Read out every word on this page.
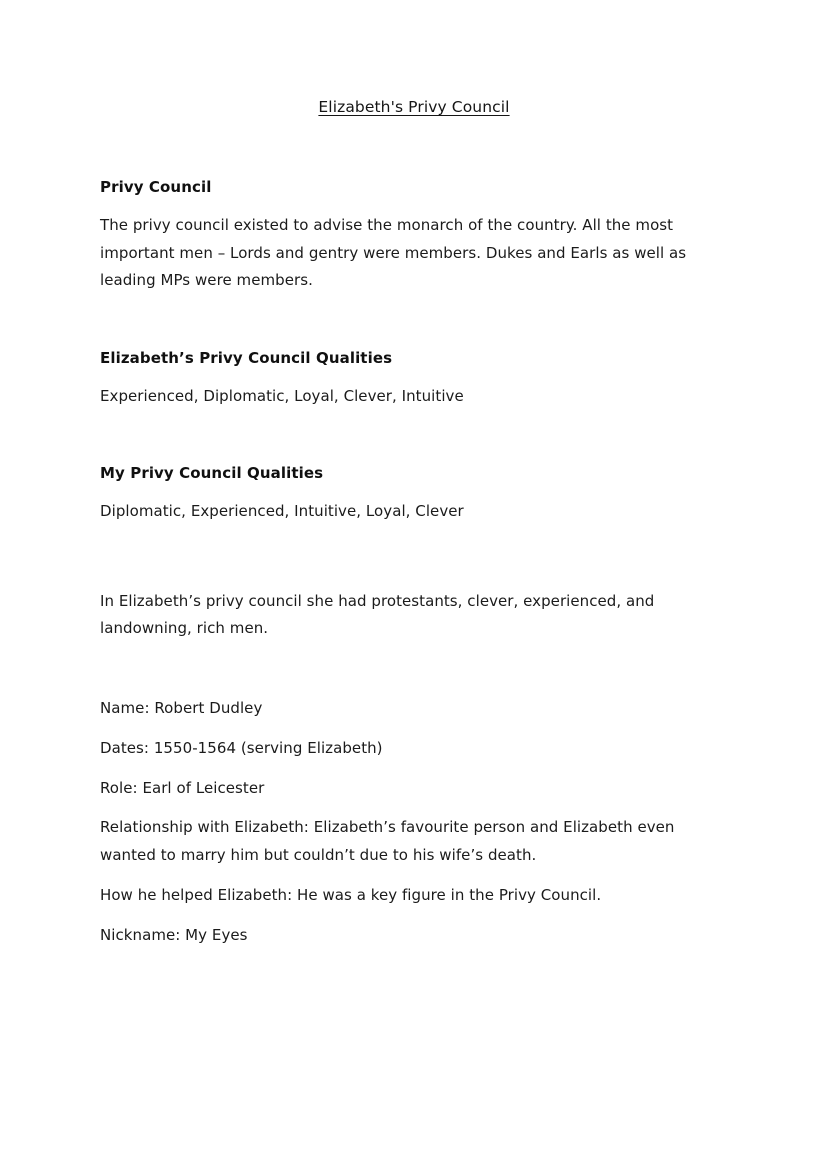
Elizabeth's Privy Council
Privy Council

The privy council existed to advise the monarch of the country. All the most important men – Lords and gentry were members. Dukes and Earls as well as leading MPs were members.

Elizabeth’s Privy Council Qualities

Experienced, Diplomatic, Loyal, Clever, Intuitive

My Privy Council Qualities

Diplomatic, Experienced, Intuitive, Loyal, Clever

In Elizabeth’s privy council she had protestants, clever, experienced, and landowning, rich men.

Name: Robert Dudley

Dates: 1550-1564 (serving Elizabeth)

Role: Earl of Leicester

Relationship with Elizabeth: Elizabeth’s favourite person and Elizabeth even wanted to marry him but couldn’t due to his wife’s death.

How he helped Elizabeth: He was a key figure in the Privy Council.

Nickname: My Eyes
